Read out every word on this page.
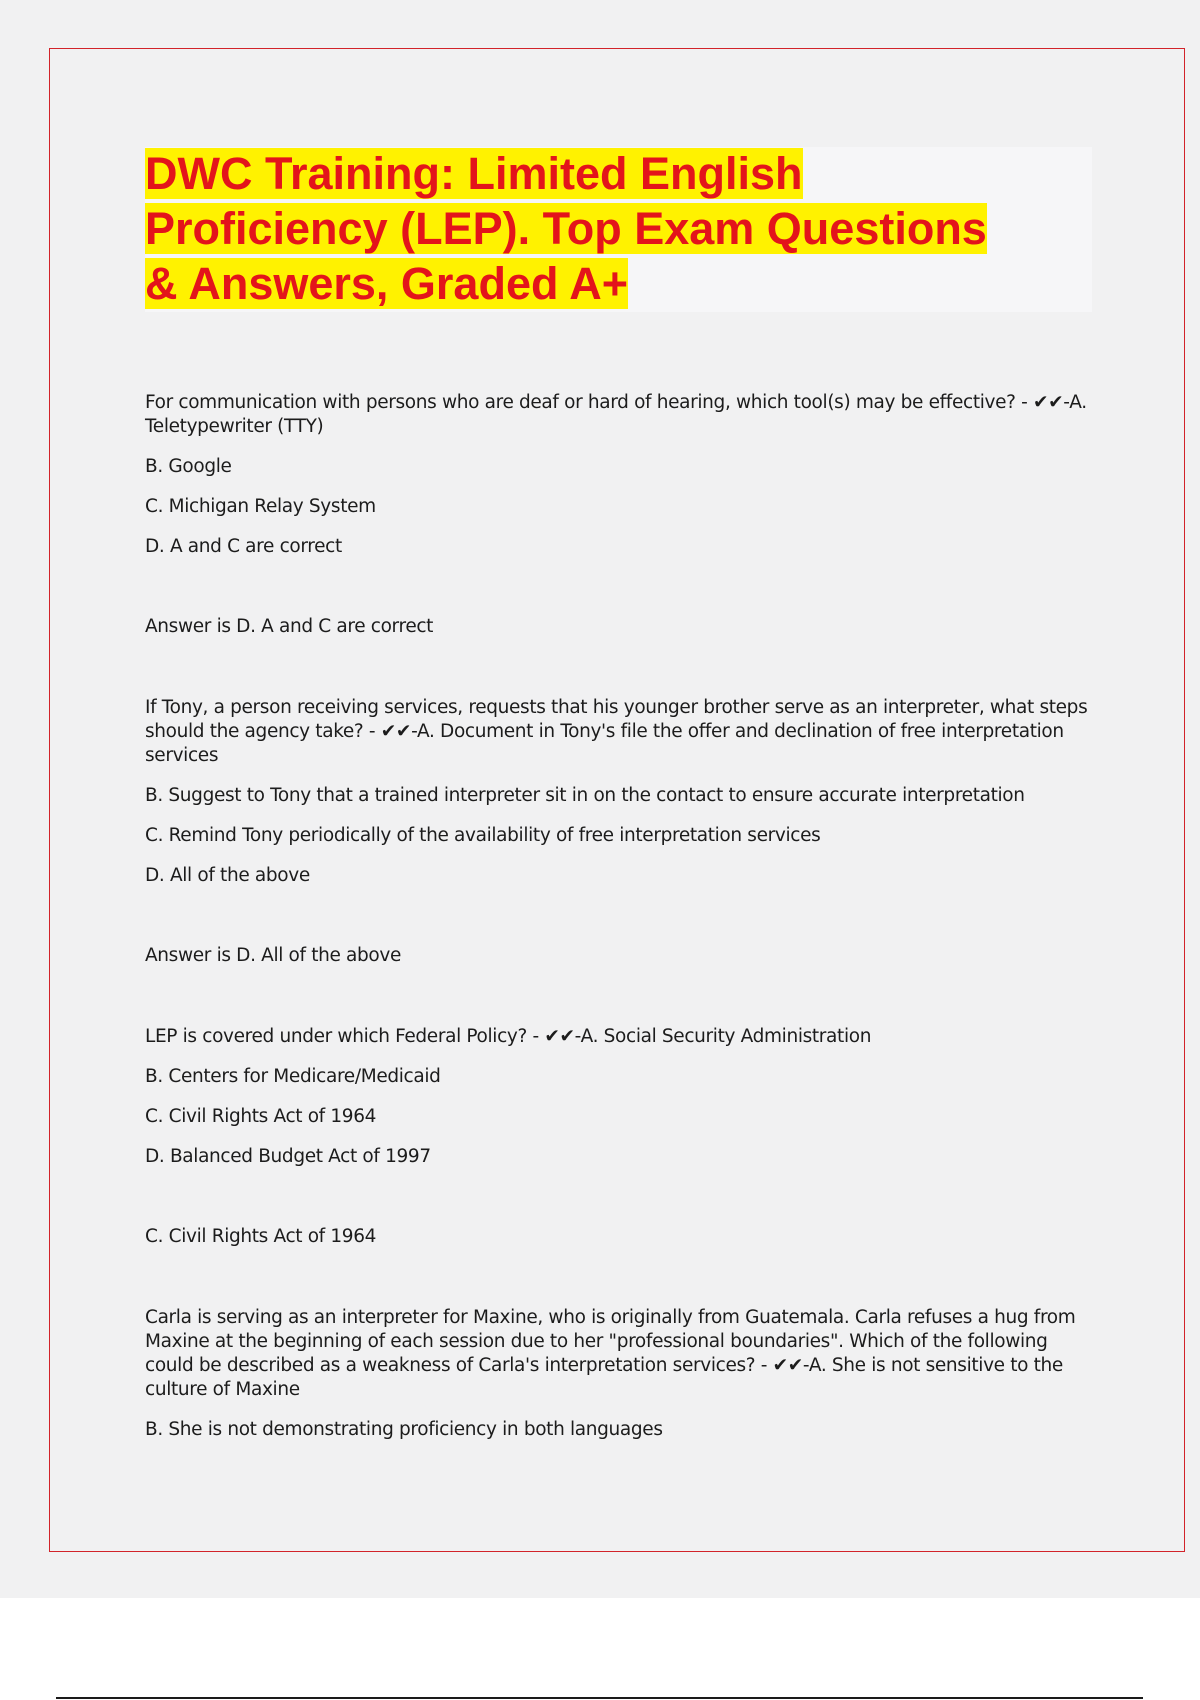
DWC Training: Limited English
Proficiency (LEP). Top Exam Questions
& Answers, Graded A+

For communication with persons who are deaf or hard of hearing, which tool(s) may be effective? - ✔✔-A. Teletypewriter (TTY)

B. Google

C. Michigan Relay System

D. A and C are correct

Answer is D. A and C are correct

If Tony, a person receiving services, requests that his younger brother serve as an interpreter, what steps should the agency take? - ✔✔-A. Document in Tony's file the offer and declination of free interpretation services

B. Suggest to Tony that a trained interpreter sit in on the contact to ensure accurate interpretation

C. Remind Tony periodically of the availability of free interpretation services

D. All of the above

Answer is D. All of the above

LEP is covered under which Federal Policy? - ✔✔-A. Social Security Administration

B. Centers for Medicare/Medicaid

C. Civil Rights Act of 1964

D. Balanced Budget Act of 1997

C. Civil Rights Act of 1964

Carla is serving as an interpreter for Maxine, who is originally from Guatemala. Carla refuses a hug from Maxine at the beginning of each session due to her "professional boundaries". Which of the following could be described as a weakness of Carla's interpretation services? - ✔✔-A. She is not sensitive to the culture of Maxine

B. She is not demonstrating proficiency in both languages
